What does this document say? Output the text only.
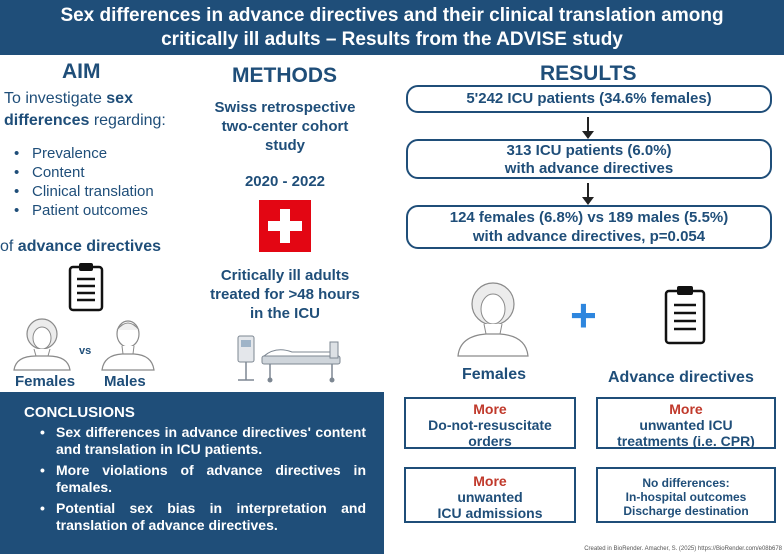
Sex differences in advance directives and their clinical translation among
critically ill adults – Results from the ADVISE study
AIM
To investigate sex
differences regarding:
• Prevalence
• Content
• Clinical translation
• Patient outcomes
of advance directives
vs
Females Males
METHODS
Swiss retrospective
two-center cohort
study
2020 - 2022
Critically ill adults
treated for >48 hours
in the ICU
RESULTS
5'242 ICU patients (34.6% females)
313 ICU patients (6.0%)
with advance directives
124 females (6.8%) vs 189 males (5.5%)
with advance directives, p=0.054
Females
+
Advance directives
More
Do-not-resuscitate
orders
More
unwanted ICU
treatments (i.e. CPR)
More
unwanted
ICU admissions
No differences:
In-hospital outcomes
Discharge destination
CONCLUSIONS
• Sex differences in advance directives' content and translation in ICU patients.
• More violations of advance directives in females.
• Potential sex bias in interpretation and translation of advance directives.
Created in BioRender. Amacher, S. (2025) https://BioRender.com/e08b678
